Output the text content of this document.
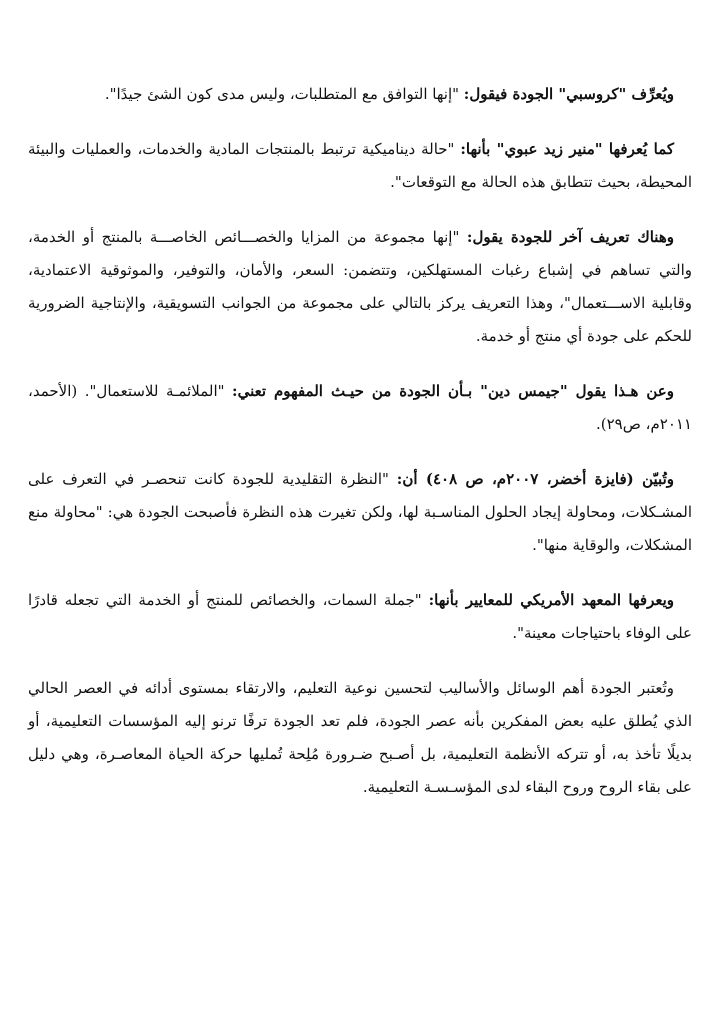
ويُعرِّف "كروسبي" الجودة فيقول: "إنها التوافق مع المتطلبات، وليس مدى كون الشئ جيدًا".

كما يُعرفها "منير زيد عبوي" بأنها: "حالة ديناميكية ترتبط بالمنتجات المادية والخدمات، والعمليات والبيئة المحيطة، بحيث تتطابق هذه الحالة مع التوقعات".

وهناك تعريف آخر للجودة يقول: "إنها مجموعة من المزايا والخصـــائص الخاصـــة بالمنتج أو الخدمة، والتي تساهم في إشباع رغبات المستهلكين، وتتضمن: السعر، والأمان، والتوفير، والموثوقية الاعتمادية، وقابلية الاســـتعمال"، وهذا التعريف يركز بالتالي على مجموعة من الجوانب التسويقية، والإنتاجية الضرورية للحكم على جودة أي منتج أو خدمة.

وعن هـذا يقول "جيمس دين" بـأن الجودة من حيـث المفهوم تعني: "الملائمـة للاستعمال". (الأحمد، ٢٠١١م، ص٢٩).

وتُبيّن (فايزة أخضر، ٢٠٠٧م، ص ٤٠٨) أن: "النظرة التقليدية للجودة كانت تنحصـر في التعرف على المشـكلات، ومحاولة إيجاد الحلول المناسـبة لها، ولكن تغيرت هذه النظرة فأصبحت الجودة هي: "محاولة منع المشكلات، والوقاية منها".

ويعرفها المعهد الأمريكي للمعايير بأنها: "جملة السمات، والخصائص للمنتج أو الخدمة التي تجعله قادرًا على الوفاء باحتياجات معينة".

وتُعتبر الجودة أهم الوسائل والأساليب لتحسين نوعية التعليم، والارتقاء بمستوى أدائه في العصر الحالي الذي يُطلق عليه بعض المفكرين بأنه عصر الجودة، فلم تعد الجودة ترفًا ترنو إليه المؤسسات التعليمية، أو بديلًا تأخذ به، أو تتركه الأنظمة التعليمية، بل أصـبح ضـرورة مُلِحة تُمليها حركة الحياة المعاصـرة، وهي دليل على بقاء الروح وروح البقاء لدى المؤسـسـة التعليمية.
